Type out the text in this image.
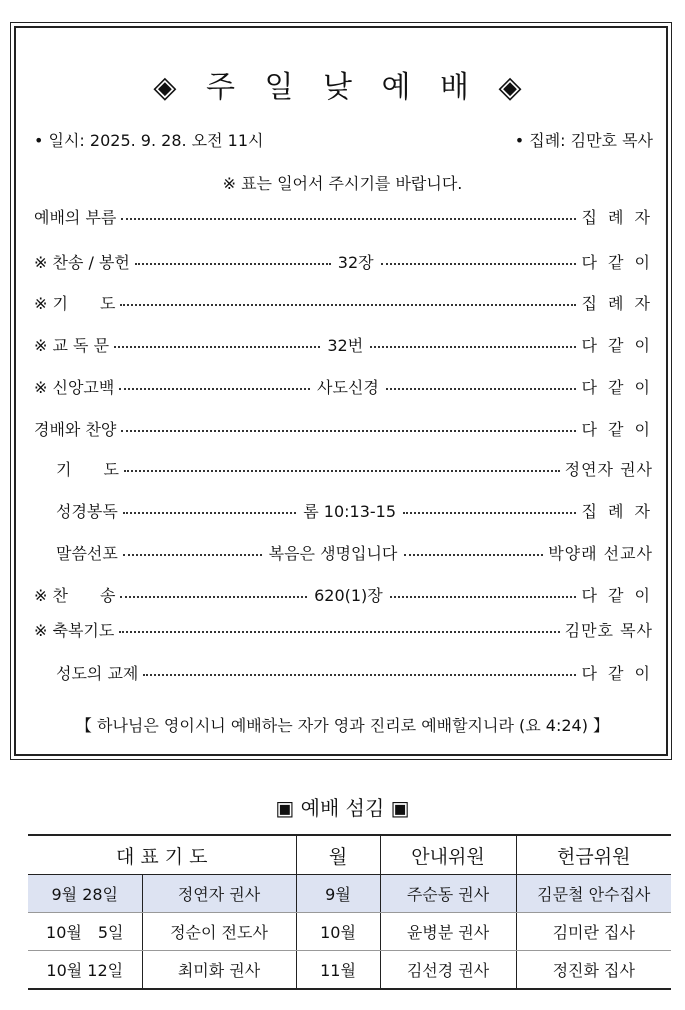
◈ 주 일 낮 예 배 ◈
• 일시: 2025. 9. 28. 오전 11시	• 집례: 김만호 목사
※ 표는 일어서 주시기를 바랍니다.
예배의 부름	집 례 자
※ 찬송 / 봉헌	32장	다 같 이
※ 기　　도	집 례 자
※ 교 독 문	32번	다 같 이
※ 신앙고백	사도신경	다 같 이
경배와 찬양	다 같 이
기　　도	정연자 권사
성경봉독	롬 10:13-15	집 례 자
말씀선포	복음은 생명입니다	박양래 선교사
※ 찬　　송	620(1)장	다 같 이
※ 축복기도	김만호 목사
성도의 교제	다 같 이
【 하나님은 영이시니 예배하는 자가 영과 진리로 예배할지니라 (요 4:24) 】
▣ 예배 섬김 ▣
대 표 기 도		월	안내위원	헌금위원
9월 28일	정연자 권사	9월	주순동 권사	김문철 안수집사
10월　5일	정순이 전도사	10월	윤병분 권사	김미란 집사
10월 12일	최미화 권사	11월	김선경 권사	정진화 집사
